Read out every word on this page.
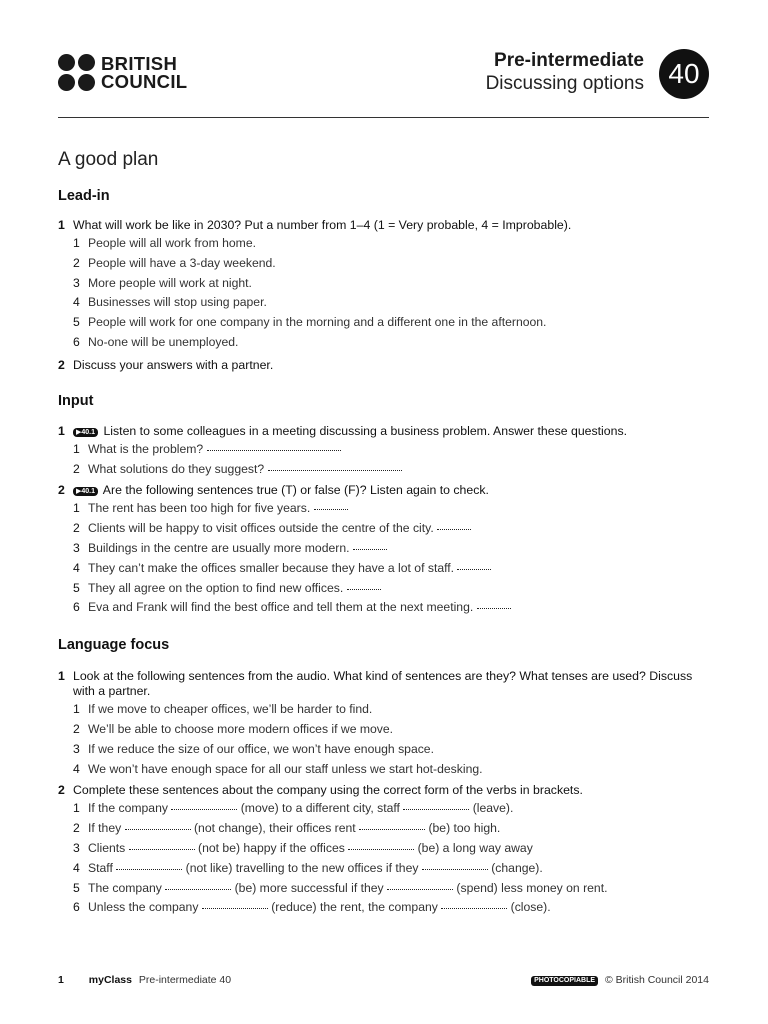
BRITISH
COUNCIL
Pre-intermediate
Discussing options 40
A good plan
Lead-in
1 What will work be like in 2030? Put a number from 1–4 (1 = Very probable, 4 = Improbable).
1 People will all work from home.
2 People will have a 3-day weekend.
3 More people will work at night.
4 Businesses will stop using paper.
5 People will work for one company in the morning and a different one in the afternoon.
6 No-one will be unemployed.
2 Discuss your answers with a partner.
Input
1	▶40.1 Listen to some colleagues in a meeting discussing a business problem. Answer these questions.
1 What is the problem?

2 What solutions do they suggest?

2	▶40.1 Are the following sentences true (T) or false (F)? Listen again to check.
1 The rent has been too high for five years.

2 Clients will be happy to visit offices outside the centre of the city.

3 Buildings in the centre are usually more modern.

4 They can’t make the offices smaller because they have a lot of staff.

5 They all agree on the option to find new offices.

6 Eva and Frank will find the best office and tell them at the next meeting.

Language focus
1 Look at the following sentences from the audio. What kind of sentences are they? What tenses are used? Discuss with a partner.
1 If we move to cheaper offices, we’ll be harder to find.
2 We’ll be able to choose more modern offices if we move.
3 If we reduce the size of our office, we won’t have enough space.
4 We won’t have enough space for all our staff unless we start hot-desking.
2 Complete these sentences about the company using the correct form of the verbs in brackets.
1 If the company

	(move) to a different city, staff

	(leave).
2 If they

	(not change), their offices rent

	(be) too high.
3 Clients

	(not be) happy if the offices

	(be) a long way away
4 Staff

	(not like) travelling to the new offices if they

	(change).
5 The company

	(be) more successful if they

	(spend) less money on rent.
6 Unless the company

	(reduce) the rent, the company

	(close).
1 myClass Pre-intermediate 40	PHOTOCOPIABLE © British Council 2014
